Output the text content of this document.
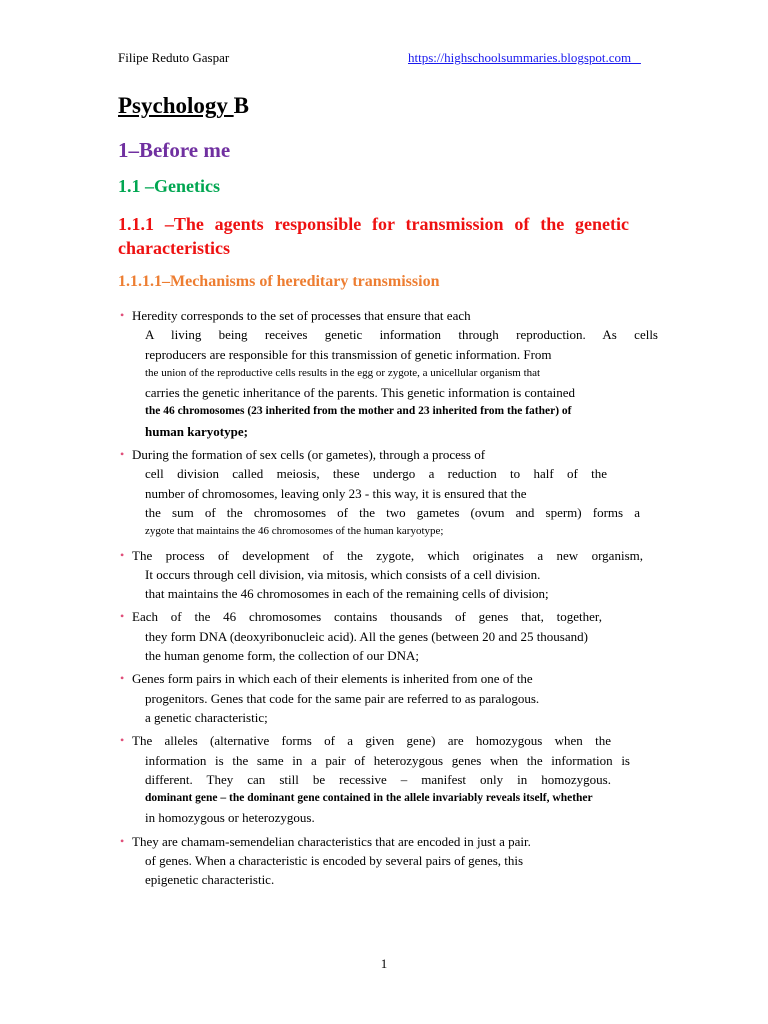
Filipe Reduto Gaspar	https://highschoolsummaries.blogspot.com
Psychology B
1–Before me
1.1 –Genetics
1.1.1 –The agents responsible for transmission of the genetic characteristics
1.1.1.1–Mechanisms of hereditary transmission
• Heredity corresponds to the set of processes that ensure that each
A living being receives genetic information through reproduction. As cells
reproducers are responsible for this transmission of genetic information. From
the union of the reproductive cells results in the egg or zygote, a unicellular organism that
carries the genetic inheritance of the parents. This genetic information is contained
the 46 chromosomes (23 inherited from the mother and 23 inherited from the father) of
human karyotype;
• During the formation of sex cells (or gametes), through a process of
cell division called meiosis, these undergo a reduction to half of the
number of chromosomes, leaving only 23 - this way, it is ensured that the
the sum of the chromosomes of the two gametes (ovum and sperm) forms a
zygote that maintains the 46 chromosomes of the human karyotype;
• The process of development of the zygote, which originates a new organism,
It occurs through cell division, via mitosis, which consists of a cell division.
that maintains the 46 chromosomes in each of the remaining cells of division;
• Each of the 46 chromosomes contains thousands of genes that, together,
they form DNA (deoxyribonucleic acid). All the genes (between 20 and 25 thousand)
the human genome form, the collection of our DNA;
• Genes form pairs in which each of their elements is inherited from one of the
progenitors. Genes that code for the same pair are referred to as paralogous.
a genetic characteristic;
• The alleles (alternative forms of a given gene) are homozygous when the
information is the same in a pair of heterozygous genes when the information is
different. They can still be recessive – manifest only in homozygous.
dominant gene – the dominant gene contained in the allele invariably reveals itself, whether
in homozygous or heterozygous.
• They are chamam-semendelian characteristics that are encoded in just a pair.
of genes. When a characteristic is encoded by several pairs of genes, this
epigenetic characteristic.
1
